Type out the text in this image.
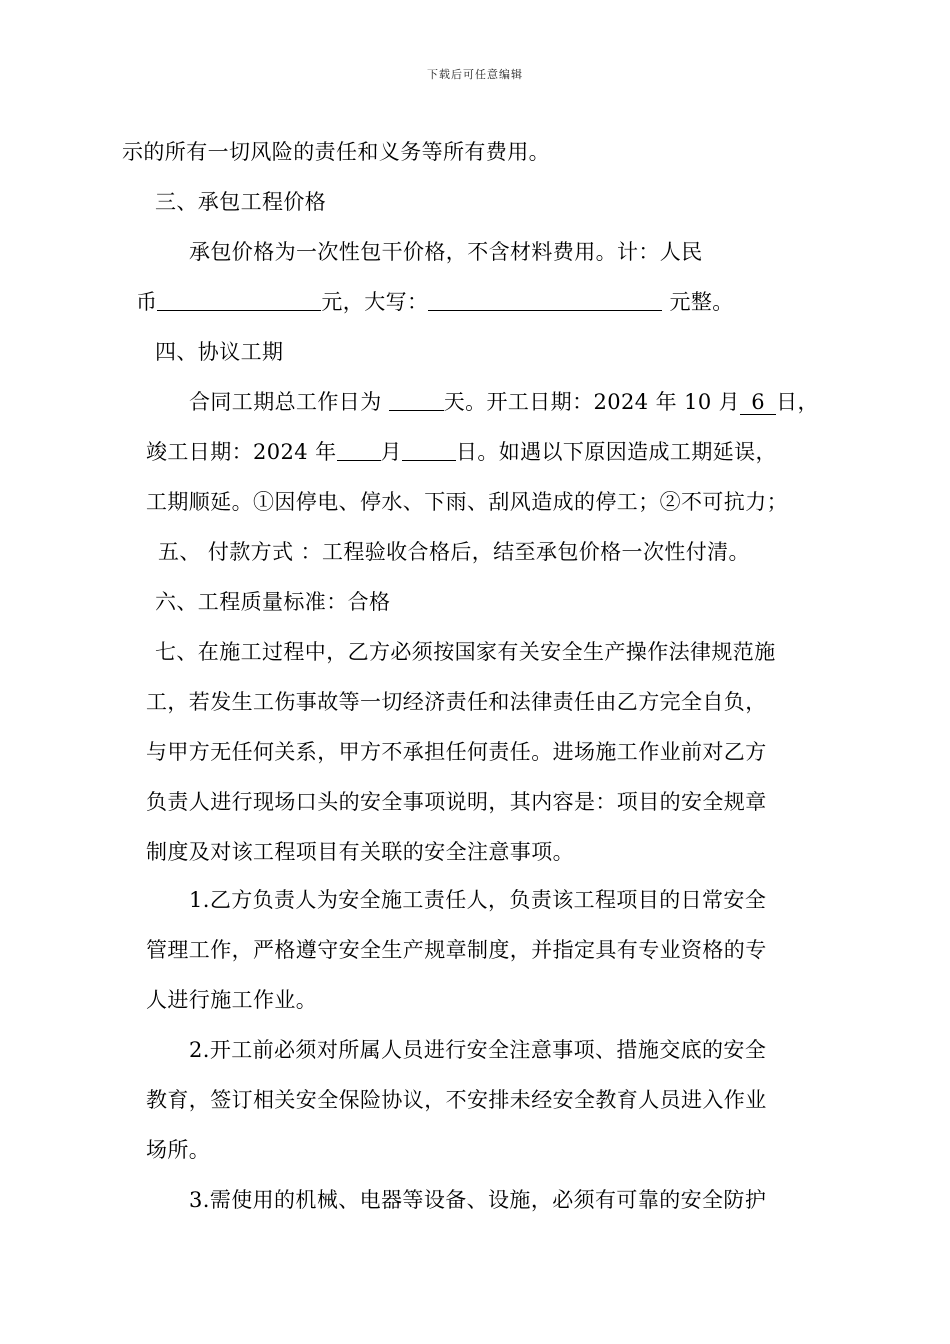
下载后可任意编辑
示的所有一切风险的责任和义务等所有费用。
三、承包工程价格
承包价格为一次性包干价格，不含材料费用。计：人民
币	元，大写：	元整。
四、协议工期
合同工期总工作日为	天。开工日期：2024 年 10 月 6 日，
竣工日期：2024 年 月	日。如遇以下原因造成工期延误，
工期顺延。①因停电、停水、下雨、刮风造成的停工；②不可抗力；
五、 付款方式 ：工程验收合格后，结至承包价格一次性付清。
六、工程质量标准：合格
七、在施工过程中，乙方必须按国家有关安全生产操作法律规范施
工，若发生工伤事故等一切经济责任和法律责任由乙方完全自负，
与甲方无任何关系，甲方不承担任何责任。进场施工作业前对乙方
负责人进行现场口头的安全事项说明，其内容是：项目的安全规章
制度及对该工程项目有关联的安全注意事项。
1.乙方负责人为安全施工责任人，负责该工程项目的日常安全
管理工作，严格遵守安全生产规章制度，并指定具有专业资格的专
人进行施工作业。
2.开工前必须对所属人员进行安全注意事项、措施交底的安全
教育，签订相关安全保险协议，不安排未经安全教育人员进入作业
场所。
3.需使用的机械、电器等设备、设施，必须有可靠的安全防护
